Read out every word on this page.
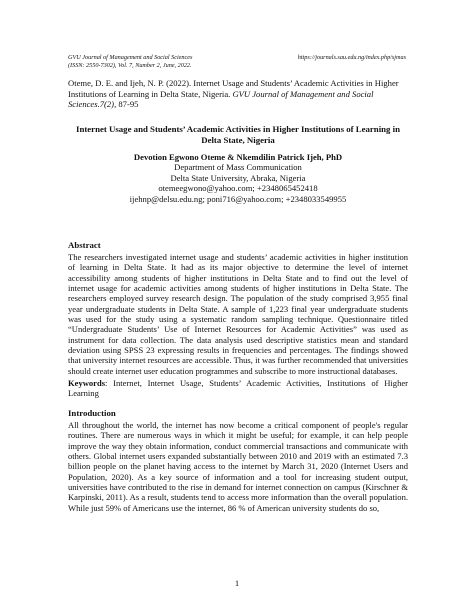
GVU Journal of Management and Social Sciences
(ISSN: 2550-7302), Vol. 7, Number 2, June, 2022.
https://journals.sau.edu.ng/index.php/sjmas
Oteme, D. E. and Ijeh, N. P. (2022). Internet Usage and Students’ Academic Activities in Higher Institutions of Learning in Delta State, Nigeria. GVU Journal of Management and Social Sciences.7(2), 87-95
Internet Usage and Students’ Academic Activities in Higher Institutions of Learning in Delta State, Nigeria
Devotion Egwono Oteme & Nkemdilin Patrick Ijeh, PhD
Department of Mass Communication
Delta State University, Abraka, Nigeria
otemeegwono@yahoo.com; +2348065452418
ijehnp@delsu.edu.ng; poni716@yahoo.com; +2348033549955
Abstract
The researchers investigated internet usage and students’ academic activities in higher institution of learning in Delta State. It had as its major objective to determine the level of internet accessibility among students of higher institutions in Delta State and to find out the level of internet usage for academic activities among students of higher institutions in Delta State. The researchers employed survey research design. The population of the study comprised 3,955 final year undergraduate students in Delta State. A sample of 1,223 final year undergraduate students was used for the study using a systematic random sampling technique. Questionnaire titled “Undergraduate Students’ Use of Internet Resources for Academic Activities” was used as instrument for data collection. The data analysis used descriptive statistics mean and standard deviation using SPSS 23 expressing results in frequencies and percentages. The findings showed that university internet resources are accessible. Thus, it was further recommended that universities should create internet user education programmes and subscribe to more instructional databases.
Keywords: Internet, Internet Usage, Students’ Academic Activities, Institutions of Higher Learning
Introduction
All throughout the world, the internet has now become a critical component of people's regular routines. There are numerous ways in which it might be useful; for example, it can help people improve the way they obtain information, conduct commercial transactions and communicate with others. Global internet users expanded substantially between 2010 and 2019 with an estimated 7.3 billion people on the planet having access to the internet by March 31, 2020 (Internet Users and Population, 2020). As a key source of information and a tool for increasing student output, universities have contributed to the rise in demand for internet connection on campus (Kirschner & Karpinski, 2011). As a result, students tend to access more information than the overall population. While just 59% of Americans use the internet, 86 % of American university students do so,
1
